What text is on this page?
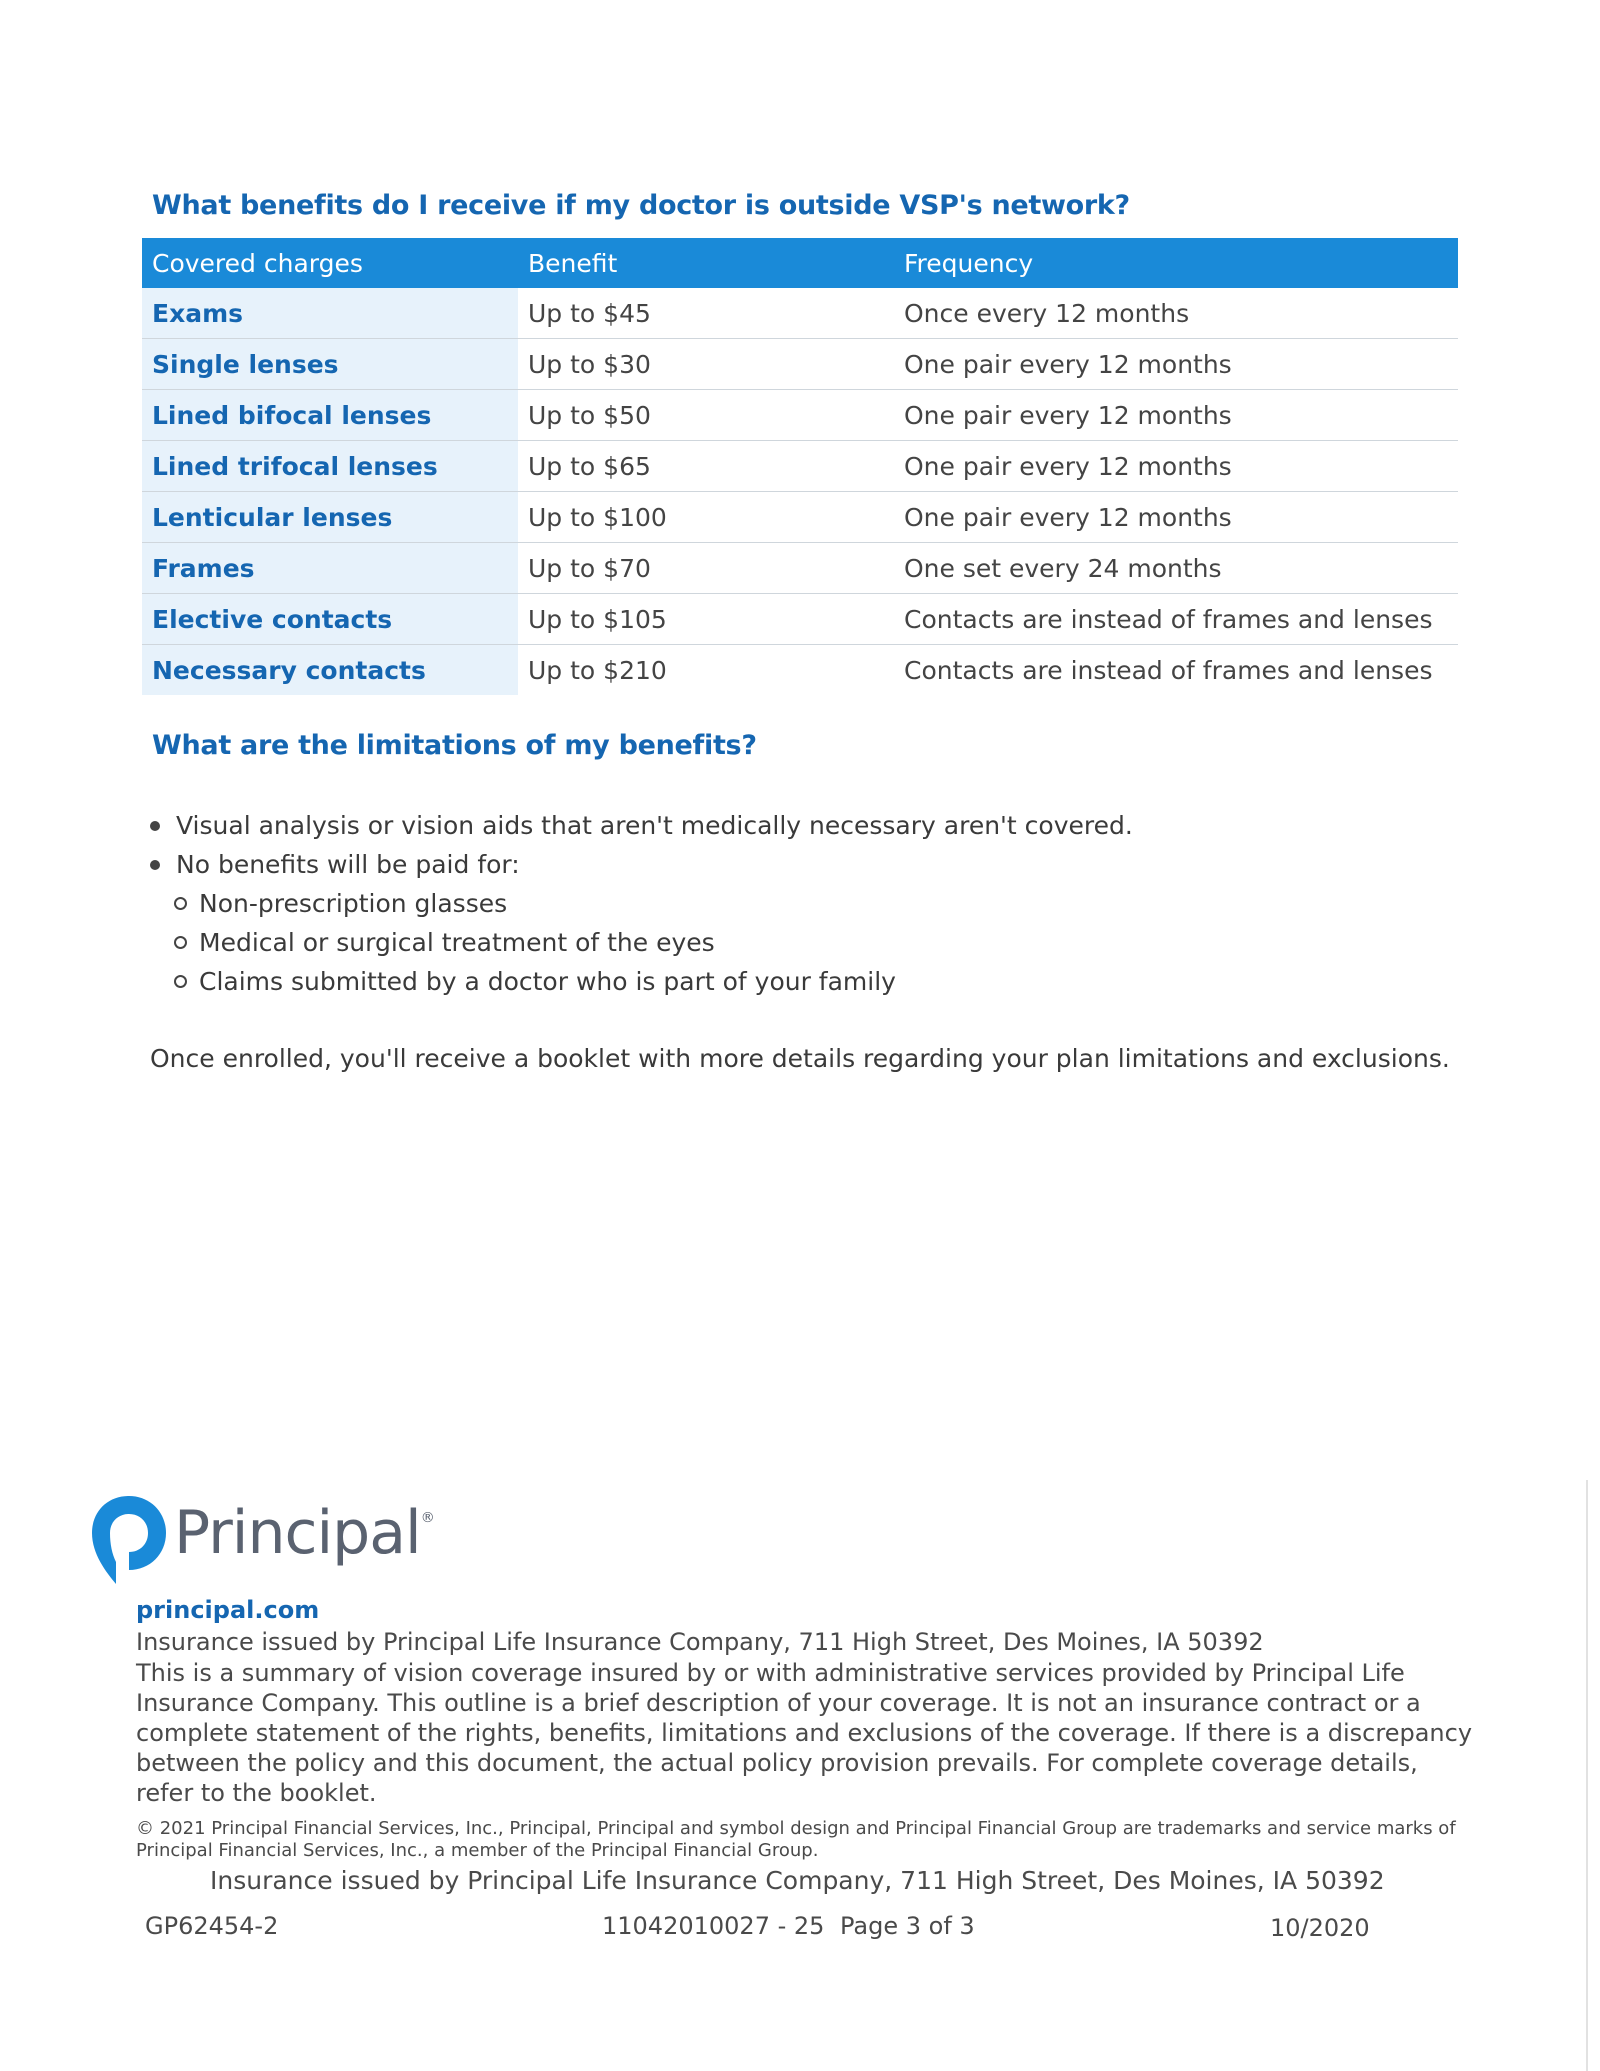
What benefits do I receive if my doctor is outside VSP's network?
Covered charges	Benefit	Frequency
Exams	Up to $45	Once every 12 months
Single lenses	Up to $30	One pair every 12 months
Lined bifocal lenses	Up to $50	One pair every 12 months
Lined trifocal lenses	Up to $65	One pair every 12 months
Lenticular lenses	Up to $100	One pair every 12 months
Frames	Up to $70	One set every 24 months
Elective contacts	Up to $105	Contacts are instead of frames and lenses
Necessary contacts	Up to $210	Contacts are instead of frames and lenses
What are the limitations of my benefits?
Visual analysis or vision aids that aren't medically necessary aren't covered.
No benefits will be paid for:
Non-prescription glasses
Medical or surgical treatment of the eyes
Claims submitted by a doctor who is part of your family
Once enrolled, you'll receive a booklet with more details regarding your plan limitations and exclusions.
Principal®
principal.com
Insurance issued by Principal Life Insurance Company, 711 High Street, Des Moines, IA 50392
This is a summary of vision coverage insured by or with administrative services provided by Principal Life Insurance Company. This outline is a brief description of your coverage. It is not an insurance contract or a complete statement of the rights, benefits, limitations and exclusions of the coverage. If there is a discrepancy between the policy and this document, the actual policy provision prevails. For complete coverage details, refer to the booklet.
© 2021 Principal Financial Services, Inc., Principal, Principal and symbol design and Principal Financial Group are trademarks and service marks of Principal Financial Services, Inc., a member of the Principal Financial Group.
Insurance issued by Principal Life Insurance Company, 711 High Street, Des Moines, IA 50392
GP62454-2	11042010027 - 25 Page 3 of 3	10/2020
